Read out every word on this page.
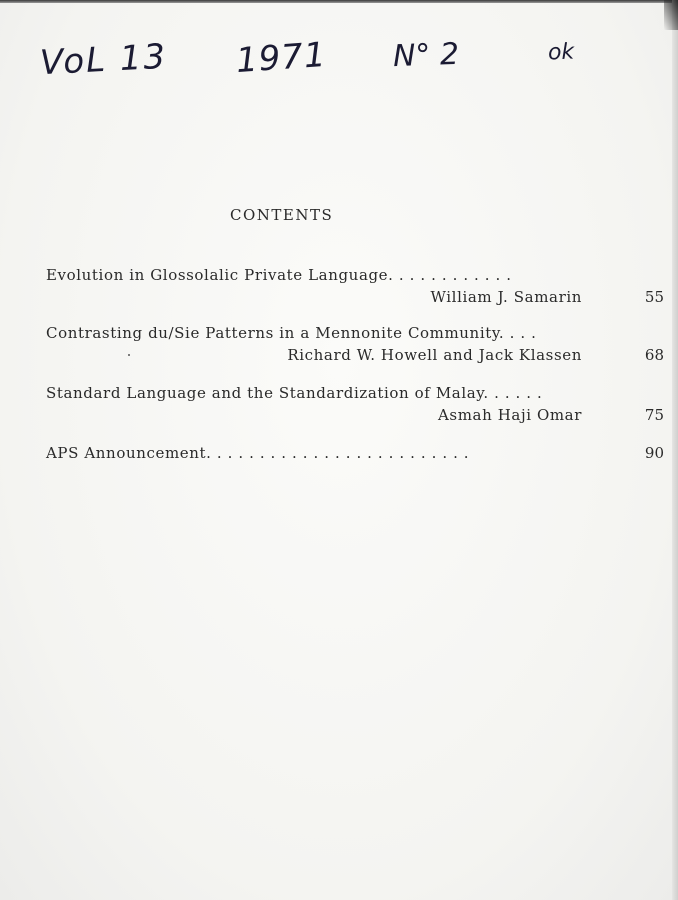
VoL 13 1971 N° 2	ok
CONTENTS
Evolution in Glossolalic Private Language. . . . . . . . . . . .
William J. Samarin	55
Contrasting du/Sie Patterns in a Mennonite Community. . . .
Richard W. Howell and Jack Klassen	68
Standard Language and the Standardization of Malay. . . . . .
Asmah Haji Omar	75
APS Announcement. . . . . . . . . . . . . . . . . . . . . . . . .	90
